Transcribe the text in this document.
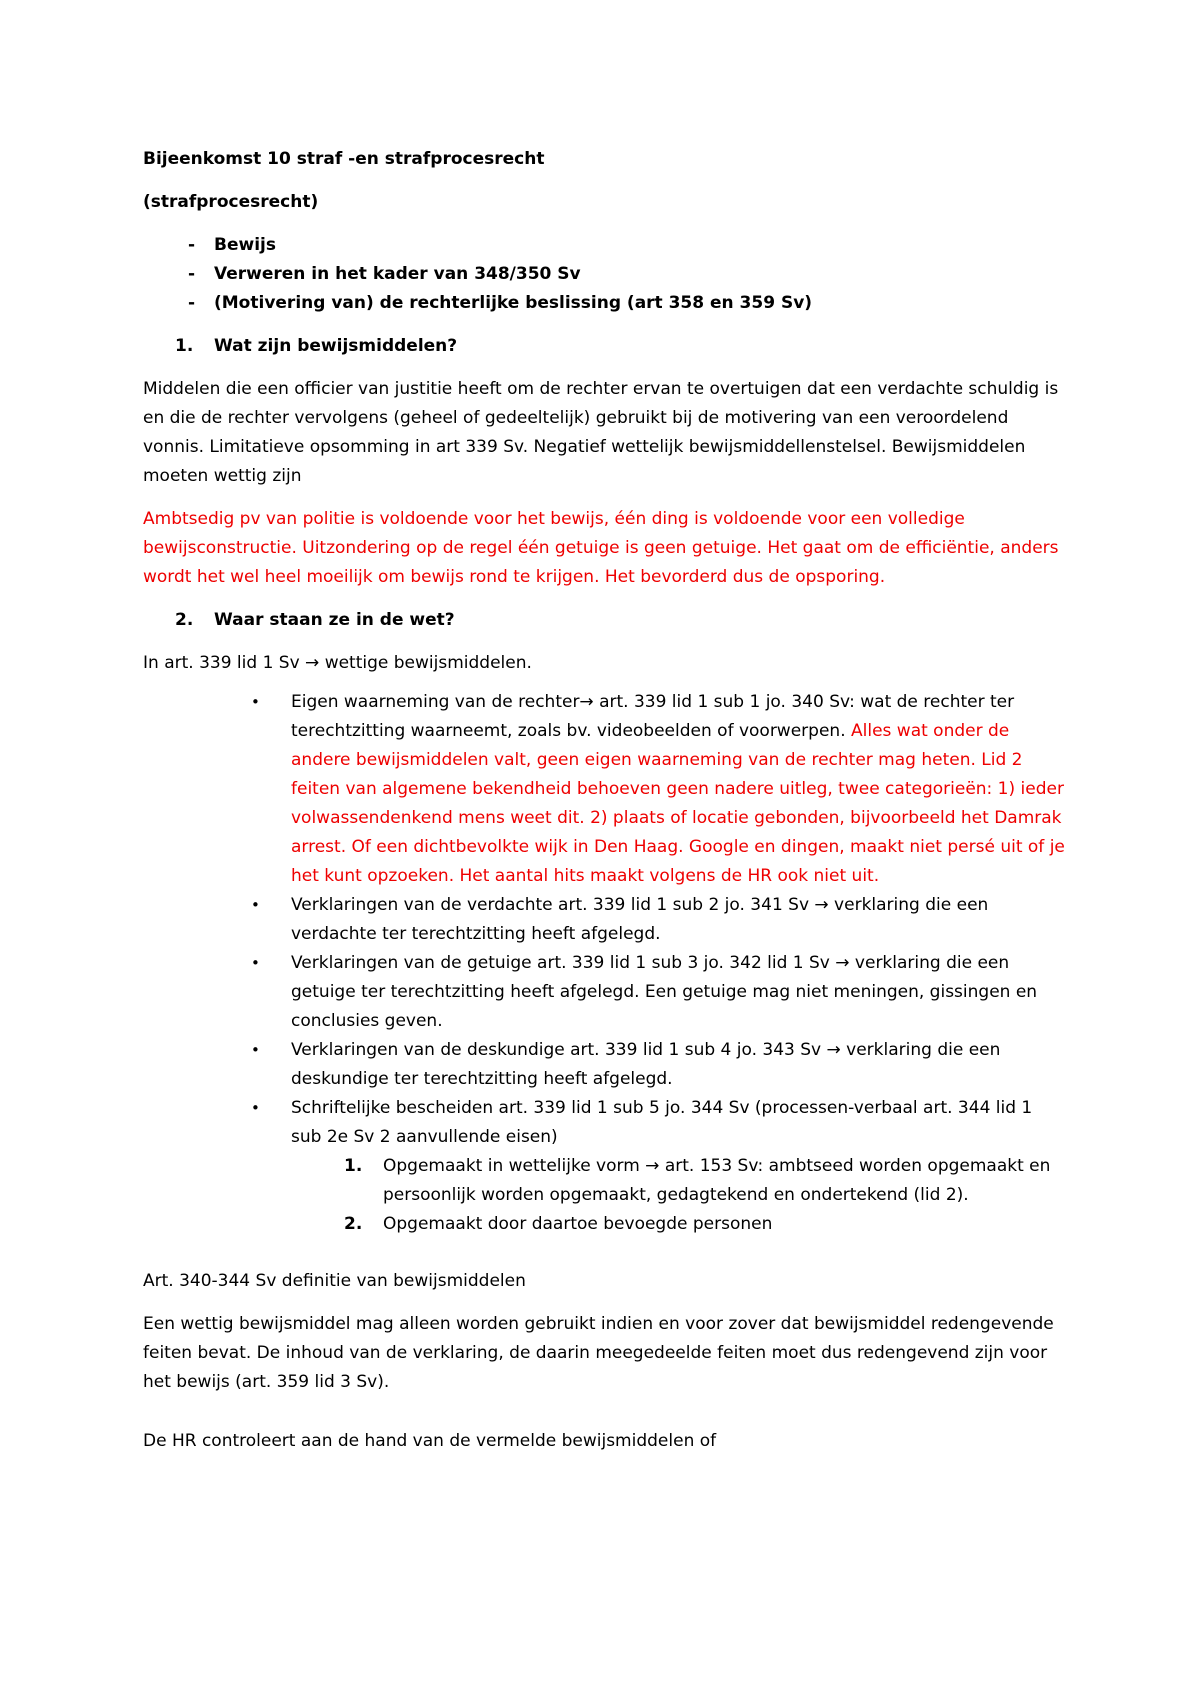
Bijeenkomst 10 straf -en strafprocesrecht

(strafprocesrecht)

- Bewijs
- Verweren in het kader van 348/350 Sv
- (Motivering van) de rechterlijke beslissing (art 358 en 359 Sv)
1. Wat zijn bewijsmiddelen?

Middelen die een officier van justitie heeft om de rechter ervan te overtuigen dat een verdachte schuldig is en die de rechter vervolgens (geheel of gedeeltelijk) gebruikt bij de motivering van een veroordelend vonnis. Limitatieve opsomming in art 339 Sv. Negatief wettelijk bewijsmiddellenstelsel. Bewijsmiddelen moeten wettig zijn

Ambtsedig pv van politie is voldoende voor het bewijs, één ding is voldoende voor een volledige bewijsconstructie. Uitzondering op de regel één getuige is geen getuige. Het gaat om de efficiëntie, anders wordt het wel heel moeilijk om bewijs rond te krijgen. Het bevorderd dus de opsporing.

2. Waar staan ze in de wet?

In art. 339 lid 1 Sv → wettige bewijsmiddelen.

• Eigen waarneming van de rechter→ art. 339 lid 1 sub 1 jo. 340 Sv: wat de rechter ter terechtzitting waarneemt, zoals bv. videobeelden of voorwerpen. Alles wat onder de andere bewijsmiddelen valt, geen eigen waarneming van de rechter mag heten. Lid 2 feiten van algemene bekendheid behoeven geen nadere uitleg, twee categorieën: 1) ieder volwassendenkend mens weet dit. 2) plaats of locatie gebonden, bijvoorbeeld het Damrak arrest. Of een dichtbevolkte wijk in Den Haag. Google en dingen, maakt niet persé uit of je het kunt opzoeken. Het aantal hits maakt volgens de HR ook niet uit.
• Verklaringen van de verdachte art. 339 lid 1 sub 2 jo. 341 Sv → verklaring die een verdachte ter terechtzitting heeft afgelegd.
• Verklaringen van de getuige art. 339 lid 1 sub 3 jo. 342 lid 1 Sv → verklaring die een getuige ter terechtzitting heeft afgelegd. Een getuige mag niet meningen, gissingen en conclusies geven.
• Verklaringen van de deskundige art. 339 lid 1 sub 4 jo. 343 Sv → verklaring die een deskundige ter terechtzitting heeft afgelegd.
• Schriftelijke bescheiden art. 339 lid 1 sub 5 jo. 344 Sv (processen-verbaal art. 344 lid 1 sub 2e Sv 2 aanvullende eisen)
1. Opgemaakt in wettelijke vorm → art. 153 Sv: ambtseed worden opgemaakt en persoonlijk worden opgemaakt, gedagtekend en ondertekend (lid 2).
2. Opgemaakt door daartoe bevoegde personen

Art. 340-344 Sv definitie van bewijsmiddelen

Een wettig bewijsmiddel mag alleen worden gebruikt indien en voor zover dat bewijsmiddel redengevende feiten bevat. De inhoud van de verklaring, de daarin meegedeelde feiten moet dus redengevend zijn voor het bewijs (art. 359 lid 3 Sv).

De HR controleert aan de hand van de vermelde bewijsmiddelen of
